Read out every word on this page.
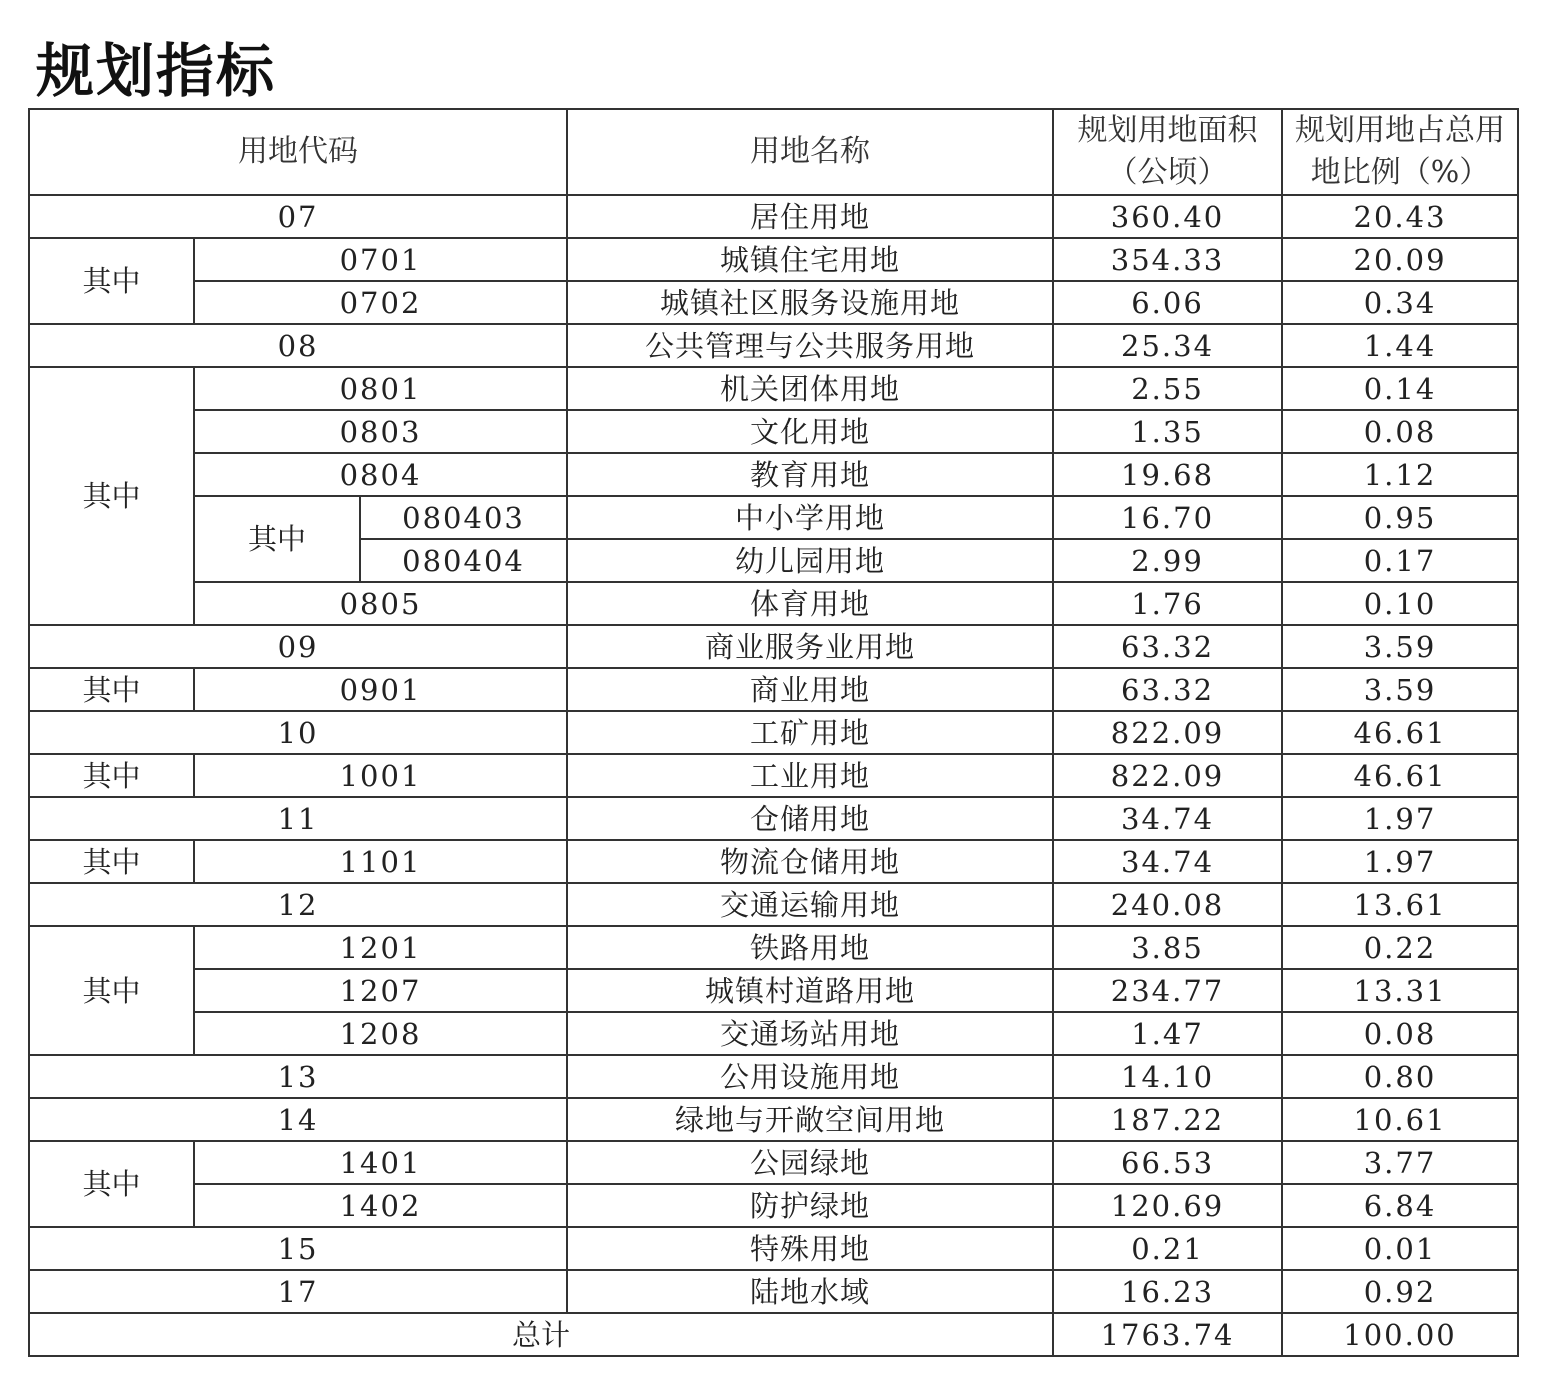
规划指标
用地代码			用地名称	规划用地面积（公顷）	规划用地占总用地比例（%）
07			居住用地	360.40	20.43
其中	0701		城镇住宅用地	354.33	20.09
	0702		城镇社区服务设施用地	6.06	0.34
08			公共管理与公共服务用地	25.34	1.44
其中	0801		机关团体用地	2.55	0.14
	0803		文化用地	1.35	0.08
	0804		教育用地	19.68	1.12
	其中	080403	中小学用地	16.70	0.95
		080404	幼儿园用地	2.99	0.17
	0805		体育用地	1.76	0.10
09			商业服务业用地	63.32	3.59
其中	0901		商业用地	63.32	3.59
10			工矿用地	822.09	46.61
其中	1001		工业用地	822.09	46.61
11			仓储用地	34.74	1.97
其中	1101		物流仓储用地	34.74	1.97
12			交通运输用地	240.08	13.61
其中	1201		铁路用地	3.85	0.22
	1207		城镇村道路用地	234.77	13.31
	1208		交通场站用地	1.47	0.08
13			公用设施用地	14.10	0.80
14			绿地与开敞空间用地	187.22	10.61
其中	1401		公园绿地	66.53	3.77
	1402		防护绿地	120.69	6.84
15			特殊用地	0.21	0.01
17			陆地水域	16.23	0.92
总计				1763.74	100.00
